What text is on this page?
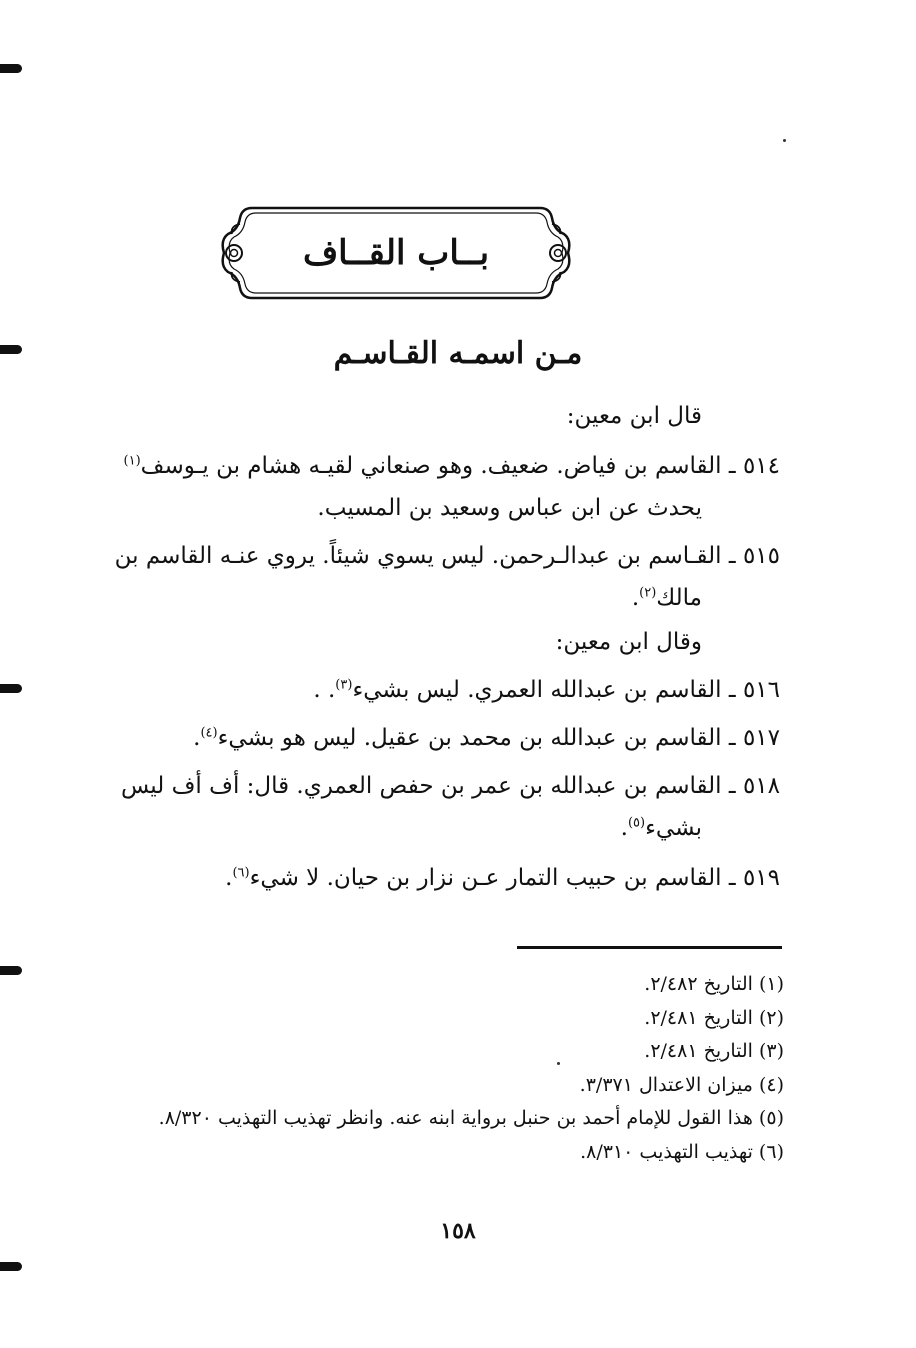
بــاب القــاف
مـن اسمـه القـاسـم
قال ابن معين:
٥١٤ ـ القاسم بن فياض. ضعيف. وهو صنعاني لقيـه هشام بن يـوسف$^{(١)}$
يحدث عن ابن عباس وسعيد بن المسيب.
٥١٥ ـ القـاسم بن عبدالـرحمن. ليس يسوي شيئاً. يروي عنـه القاسم بن
مالك$^{(٢)}$.
وقال ابن معين:
٥١٦ ـ القاسم بن عبدالله العمري. ليس بشيء$^{(٣)}$. .
٥١٧ ـ القاسم بن عبدالله بن محمد بن عقيل. ليس هو بشيء$^{(٤)}$.
٥١٨ ـ القاسم بن عبدالله بن عمر بن حفص العمري. قال: أف أف ليس
بشيء$^{(٥)}$.
٥١٩ ـ القاسم بن حبيب التمار عـن نزار بن حيان. لا شيء$^{(٦)}$.
(١) التاريخ ٢/٤٨٢.
(٢) التاريخ ٢/٤٨١.
(٣) التاريخ ٢/٤٨١.
(٤) ميزان الاعتدال ٣/٣٧١.
(٥) هذا القول للإمام أحمد بن حنبل برواية ابنه عنه. وانظر تهذيب التهذيب ٨/٣٢٠.
(٦) تهذيب التهذيب ٨/٣١٠.
١٥٨
